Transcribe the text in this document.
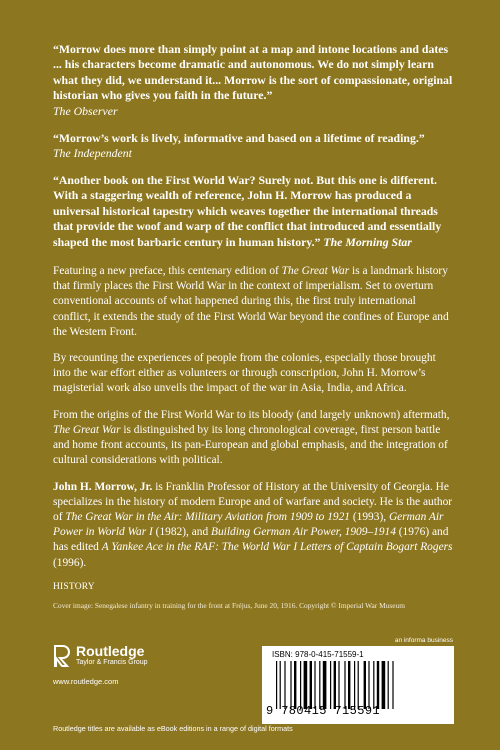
“Morrow does more than simply point at a map and intone locations and dates ... his characters become dramatic and autonomous. We do not simply learn what they did, we understand it... Morrow is the sort of compassionate, original historian who gives you faith in the future.”

The Observer

“Morrow’s work is lively, informative and based on a lifetime of reading.”

The Independent

“Another book on the First World War? Surely not. But this one is different. With a staggering wealth of reference, John H. Morrow has produced a universal historical tapestry which weaves together the international threads that provide the woof and warp of the conflict that introduced and essentially shaped the most barbaric century in human history.” The Morning Star

Featuring a new preface, this centenary edition of The Great War is a landmark history that firmly places the First World War in the context of imperialism. Set to overturn conventional accounts of what happened during this, the first truly international conflict, it extends the study of the First World War beyond the confines of Europe and the Western Front.

By recounting the experiences of people from the colonies, especially those brought into the war effort either as volunteers or through conscription, John H. Morrow’s magisterial work also unveils the impact of the war in Asia, India, and Africa.

From the origins of the First World War to its bloody (and largely unknown) aftermath, The Great War is distinguished by its long chronological coverage, first person battle and home front accounts, its pan-European and global emphasis, and the integration of cultural considerations with political.

John H. Morrow, Jr. is Franklin Professor of History at the University of Georgia. He specializes in the history of modern Europe and of warfare and society. He is the author of The Great War in the Air: Military Aviation from 1909 to 1921 (1993), German Air Power in World War I (1982), and Building German Air Power, 1909–1914 (1976) and has edited A Yankee Ace in the RAF: The World War I Letters of Captain Bogart Rogers (1996).

HISTORY
Cover image: Senegalese infantry in training for the front at Fréjus, June 20, 1916. Copyright © Imperial War Museum
Routledge
Taylor & Francis Group
www.routledge.com
an informa business
ISBN: 978-0-415-71559-1
9 780415 715591
Routledge titles are available as eBook editions in a range of digital formats
